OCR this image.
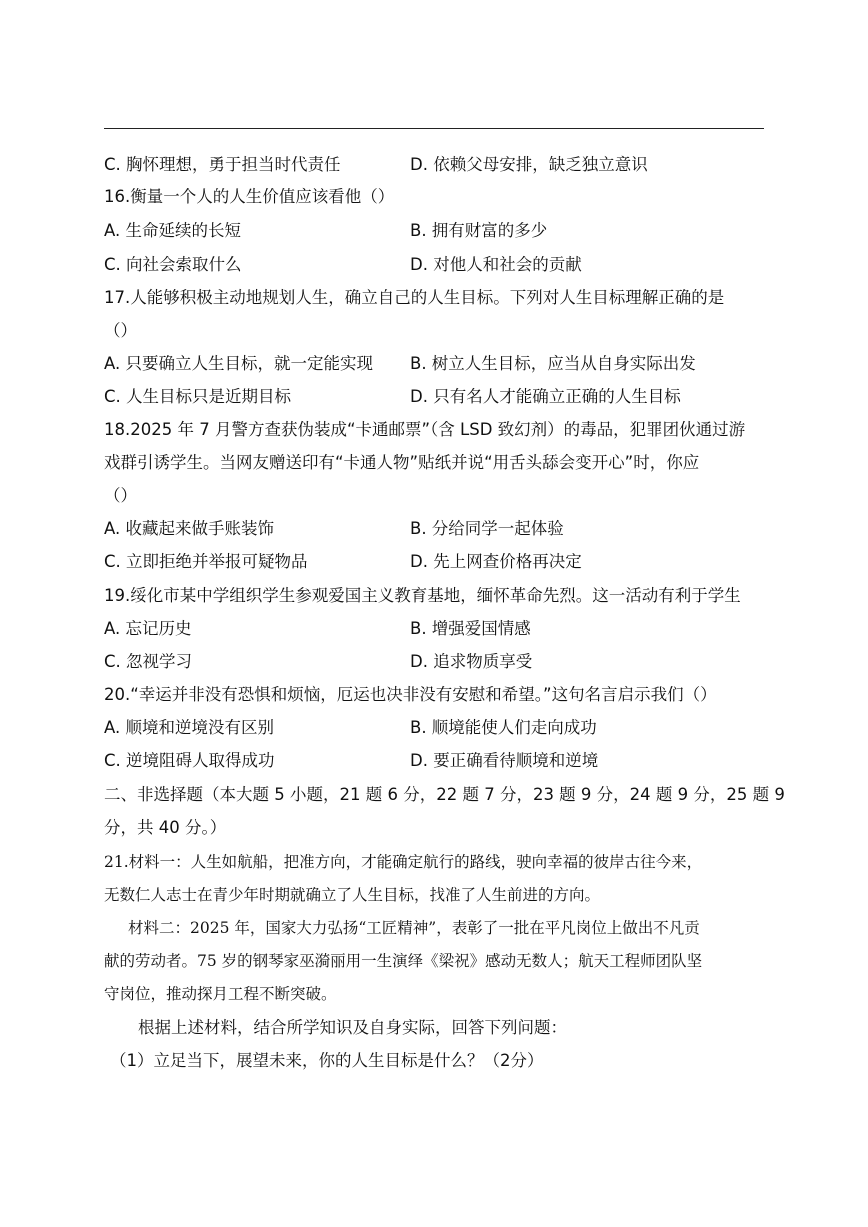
C. 胸怀理想，勇于担当时代责任	D. 依赖父母安排，缺乏独立意识
16.衡量一个人的人生价值应该看他（）
A. 生命延续的长短	B. 拥有财富的多少
C. 向社会索取什么	D. 对他人和社会的贡献
17.人能够积极主动地规划人生，确立自己的人生目标。下列对人生目标理解正确的是
（）
A. 只要确立人生目标，就一定能实现 B. 树立人生目标，应当从自身实际出发
C. 人生目标只是近期目标	D. 只有名人才能确立正确的人生目标
18.2025 年 7 月警方查获伪装成“卡通邮票”（含 LSD 致幻剂）的毒品，犯罪团伙通过游
戏群引诱学生。当网友赠送印有“卡通人物”贴纸并说“用舌头舔会变开心”时，你应
（）
A. 收藏起来做手账装饰	B. 分给同学一起体验
C. 立即拒绝并举报可疑物品	D. 先上网查价格再决定
19.绥化市某中学组织学生参观爱国主义教育基地，缅怀革命先烈。这一活动有利于学生
A. 忘记历史	B. 增强爱国情感
C. 忽视学习	D. 追求物质享受
20.“幸运并非没有恐惧和烦恼，厄运也决非没有安慰和希望。”这句名言启示我们（）
A. 顺境和逆境没有区别	B. 顺境能使人们走向成功
C. 逆境阻碍人取得成功	D. 要正确看待顺境和逆境
二、非选择题（本大题 5 小题，21 题 6 分，22 题 7 分，23 题 9 分，24 题 9 分，25 题 9
分，共 40 分。）
21.材料一：人生如航船，把准方向，才能确定航行的路线，驶向幸福的彼岸古往今来，
无数仁人志士在青少年时期就确立了人生目标，找准了人生前进的方向。
材料二：2025 年，国家大力弘扬“工匠精神”，表彰了一批在平凡岗位上做出不凡贡
献的劳动者。75 岁的钢琴家巫漪丽用一生演绎《梁祝》感动无数人；航天工程师团队坚
守岗位，推动探月工程不断突破。
根据上述材料，结合所学知识及自身实际，回答下列问题：
（1）立足当下，展望未来，你的人生目标是什么？（2分）
